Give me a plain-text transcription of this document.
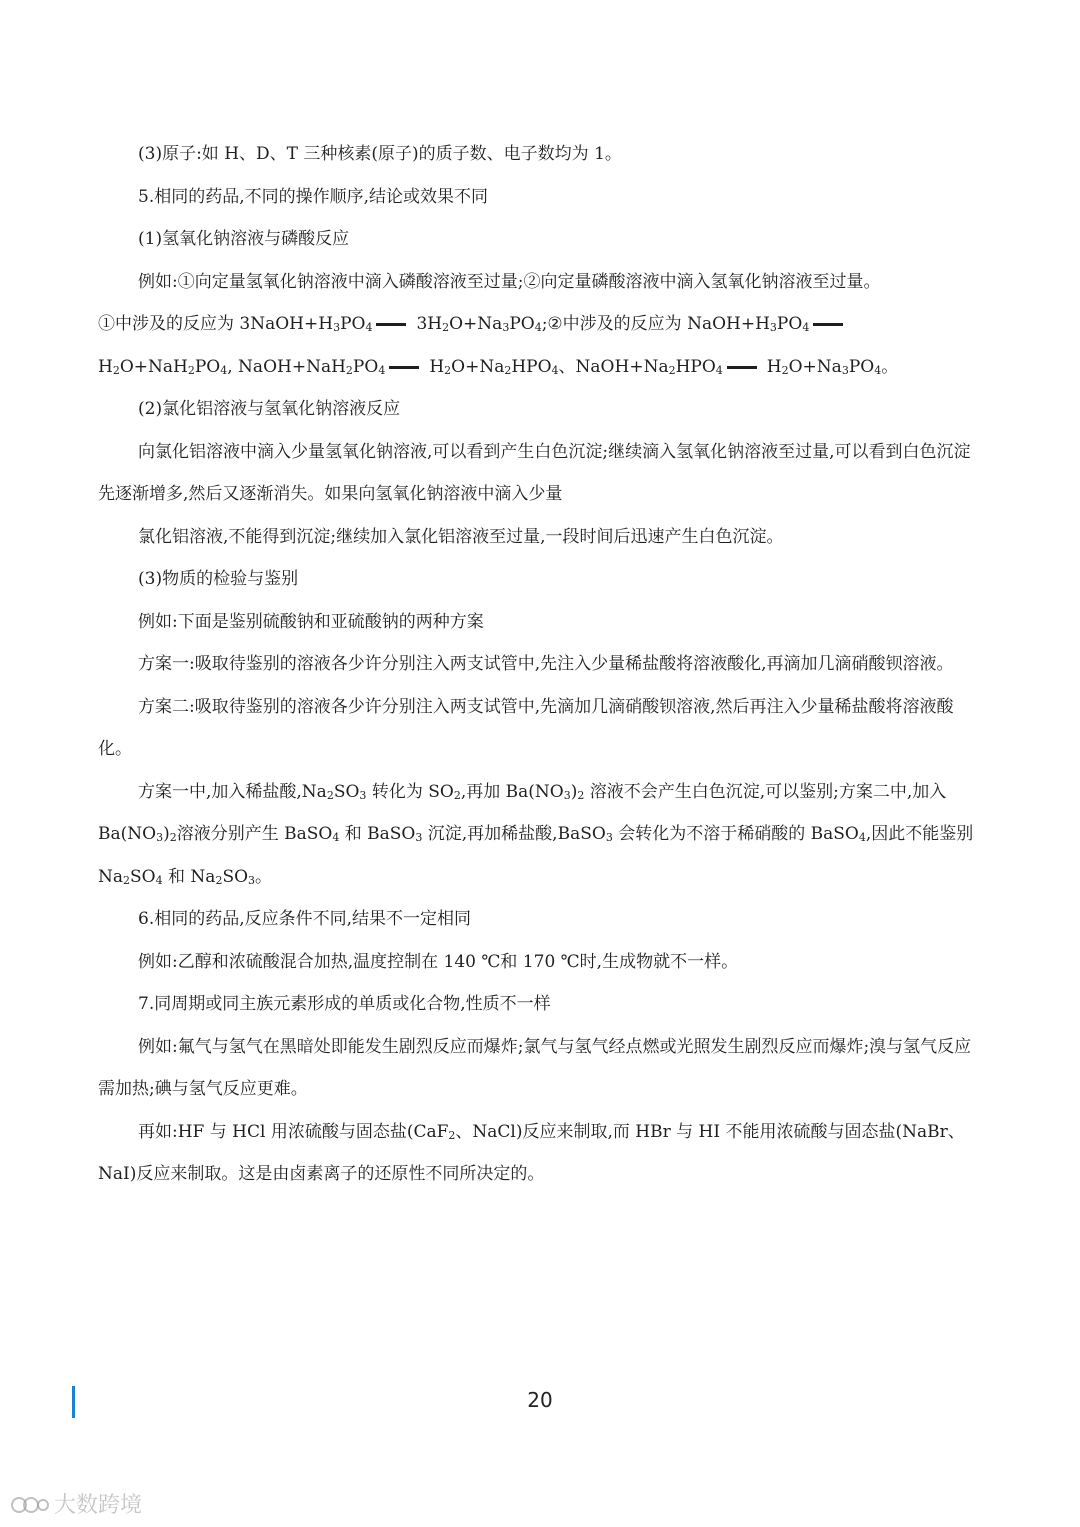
(3)原子:如 H、D、T 三种核素(原子)的质子数、电子数均为 1。

5.相同的药品,不同的操作顺序,结论或效果不同

(1)氢氧化钠溶液与磷酸反应

例如:①向定量氢氧化钠溶液中滴入磷酸溶液至过量;②向定量磷酸溶液中滴入氢氧化钠溶液至过量。

①中涉及的反应为 $3NaOH+H_3PO_4$	$3H_2O+Na_3PO_4;②$中涉及的反应为 $NaOH+H_3PO_4H_2O+NaH_2PO_4$, $NaOH+NaH_2PO_4$	$H_2O+Na_2HPO_4$、$NaOH+Na_2HPO_4$	$H_2O+Na_3PO_4$。

(2)氯化铝溶液与氢氧化钠溶液反应

向氯化铝溶液中滴入少量氢氧化钠溶液,可以看到产生白色沉淀;继续滴入氢氧化钠溶液至过量,可以看到白色沉淀先逐渐增多,然后又逐渐消失。如果向氢氧化钠溶液中滴入少量

氯化铝溶液,不能得到沉淀;继续加入氯化铝溶液至过量,一段时间后迅速产生白色沉淀。

(3)物质的检验与鉴别

例如:下面是鉴别硫酸钠和亚硫酸钠的两种方案

方案一:吸取待鉴别的溶液各少许分别注入两支试管中,先注入少量稀盐酸将溶液酸化,再滴加几滴硝酸钡溶液。

方案二:吸取待鉴别的溶液各少许分别注入两支试管中,先滴加几滴硝酸钡溶液,然后再注入少量稀盐酸将溶液酸化。

方案一中,加入稀盐酸$,Na_2SO_3$ 转化为 $SO_2$,再加 $Ba(NO_3)_2$ 溶液不会产生白色沉淀,可以鉴别;方案二中,加入 $Ba(NO_3)_2$溶液分别产生 BaSO$_4$ 和 BaSO$_3$ 沉淀,再加稀盐酸,BaSO$_3$ 会转化为不溶于稀硝酸的 BaSO$_4$,因此不能鉴别 $Na_2SO_4$ 和 $Na_2SO_3$。

6.相同的药品,反应条件不同,结果不一定相同

例如:乙醇和浓硫酸混合加热,温度控制在 140 ℃和 170 ℃时,生成物就不一样。

7.同周期或同主族元素形成的单质或化合物,性质不一样

例如:氟气与氢气在黑暗处即能发生剧烈反应而爆炸;氯气与氢气经点燃或光照发生剧烈反应而爆炸;溴与氢气反应需加热;碘与氢气反应更难。

再如:HF 与 HCl 用浓硫酸与固态盐(CaF$_2$、NaCl)反应来制取,而 HBr 与 HI 不能用浓硫酸与固态盐(NaBr、NaI)反应来制取。这是由卤素离子的还原性不同所决定的。

20
大数跨境
